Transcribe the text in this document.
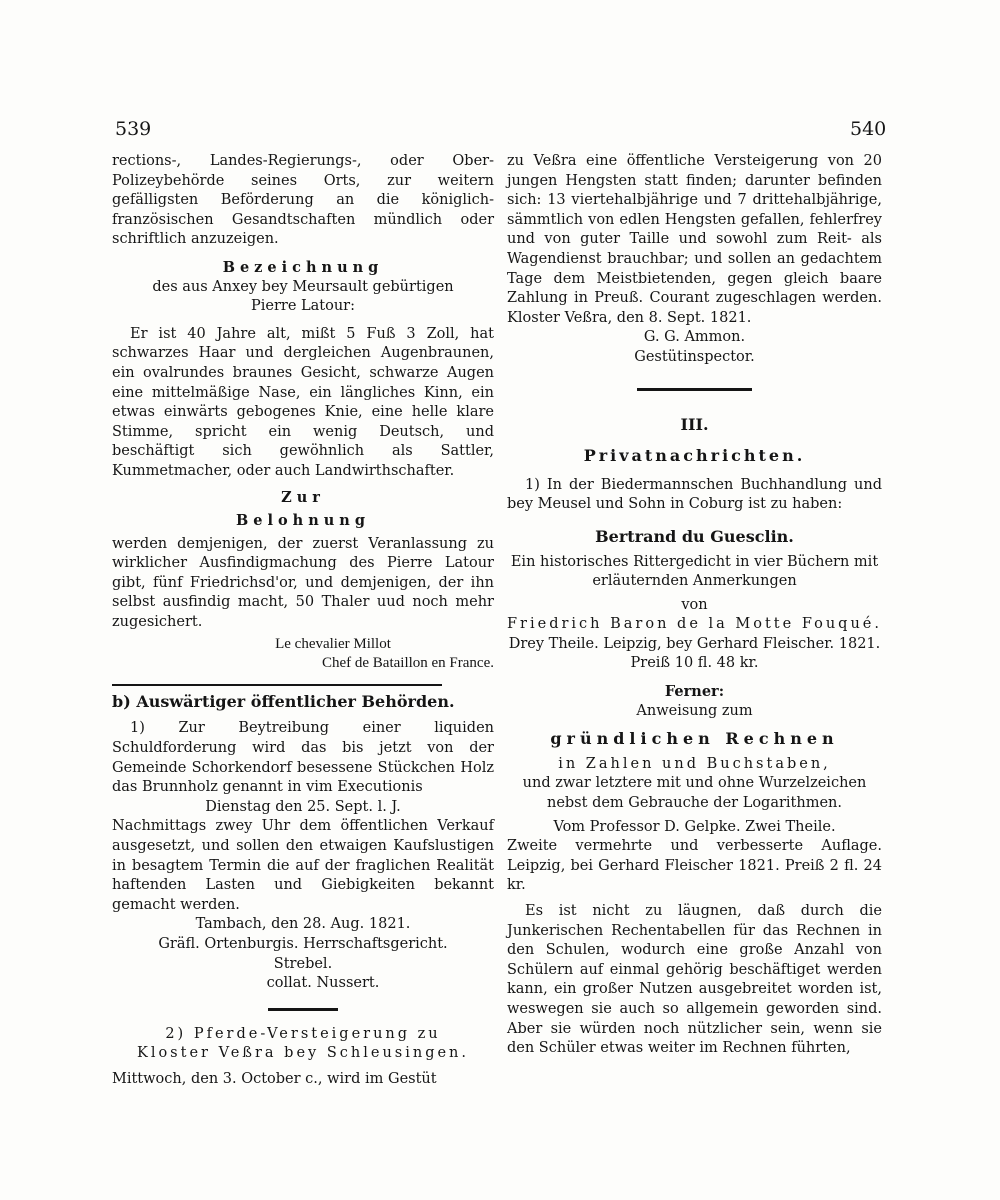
539	540

rections-, Landes-Regierungs-, oder Ober-Polizeybehörde seines Orts, zur weitern gefälligsten Beförderung an die königlich-französischen Gesandtschaften mündlich oder schriftlich anzuzeigen.

Bezeichnung

des aus Anxey bey Meursault gebürtigen Pierre Latour:

Er ist 40 Jahre alt, mißt 5 Fuß 3 Zoll, hat schwarzes Haar und dergleichen Augenbraunen, ein ovalrundes braunes Gesicht, schwarze Augen eine mittelmäßige Nase, ein längliches Kinn, ein etwas einwärts gebogenes Knie, eine helle klare Stimme, spricht ein wenig Deutsch, und beschäftigt sich gewöhnlich als Sattler, Kummetmacher, oder auch Landwirthschafter.

Zur

Belohnung

werden demjenigen, der zuerst Veranlassung zu wirklicher Ausfindigmachung des Pierre Latour gibt, fünf Friedrichsd'or, und demjenigen, der ihn selbst ausfindig macht, 50 Thaler uud noch mehr zugesichert.

Le chevalier Millot

Chef de Bataillon en France.

b) Auswärtiger öffentlicher Behörden.

1) Zur Beytreibung einer liquiden Schuldforderung wird das bis jetzt von der Gemeinde Schorkendorf besessene Stückchen Holz das Brunnholz genannt in vim Executionis

Dienstag den 25. Sept. l. J.

Nachmittags zwey Uhr dem öffentlichen Verkauf ausgesetzt, und sollen den etwaigen Kaufslustigen in besagtem Termin die auf der fraglichen Realität haftenden Lasten und Giebigkeiten bekannt gemacht werden.

Tambach, den 28. Aug. 1821.

Gräfl. Ortenburgis. Herrschaftsgericht.

Strebel.

collat. Nussert.

2) Pferde-Versteigerung zu Kloster Veßra bey Schleusingen.

Mittwoch, den 3. October c., wird im Gestüt

zu Veßra eine öffentliche Versteigerung von 20 jungen Hengsten statt finden; darunter befinden sich: 13 viertehalbjährige und 7 drittehalbjährige, sämmtlich von edlen Hengsten gefallen, fehlerfrey und von guter Taille und sowohl zum Reit- als Wagendienst brauchbar; und sollen an gedachtem Tage dem Meistbietenden, gegen gleich baare Zahlung in Preuß. Courant zugeschlagen werden. Kloster Veßra, den 8. Sept. 1821.

G. G. Ammon.

Gestütinspector.

III.

Privatnachrichten.

1) In der Biedermannschen Buchhandlung und bey Meusel und Sohn in Coburg ist zu haben:

Bertrand du Guesclin.

Ein historisches Rittergedicht in vier Büchern mit erläuternden Anmerkungen

von

Friedrich Baron de la Motte Fouqué.

Drey Theile. Leipzig, bey Gerhard Fleischer. 1821. Preiß 10 fl. 48 kr.

Ferner:

Anweisung zum

gründlichen Rechnen

in Zahlen und Buchstaben,

und zwar letztere mit und ohne Wurzelzeichen nebst dem Gebrauche der Logarithmen.

Vom Professor D. Gelpke. Zwei Theile.

Zweite vermehrte und verbesserte Auflage. Leipzig, bei Gerhard Fleischer 1821. Preiß 2 fl. 24 kr.

Es ist nicht zu läugnen, daß durch die Junkerischen Rechentabellen für das Rechnen in den Schulen, wodurch eine große Anzahl von Schülern auf einmal gehörig beschäftiget werden kann, ein großer Nutzen ausgebreitet worden ist, weswegen sie auch so allgemein geworden sind. Aber sie würden noch nützlicher sein, wenn sie den Schüler etwas weiter im Rechnen führten,
